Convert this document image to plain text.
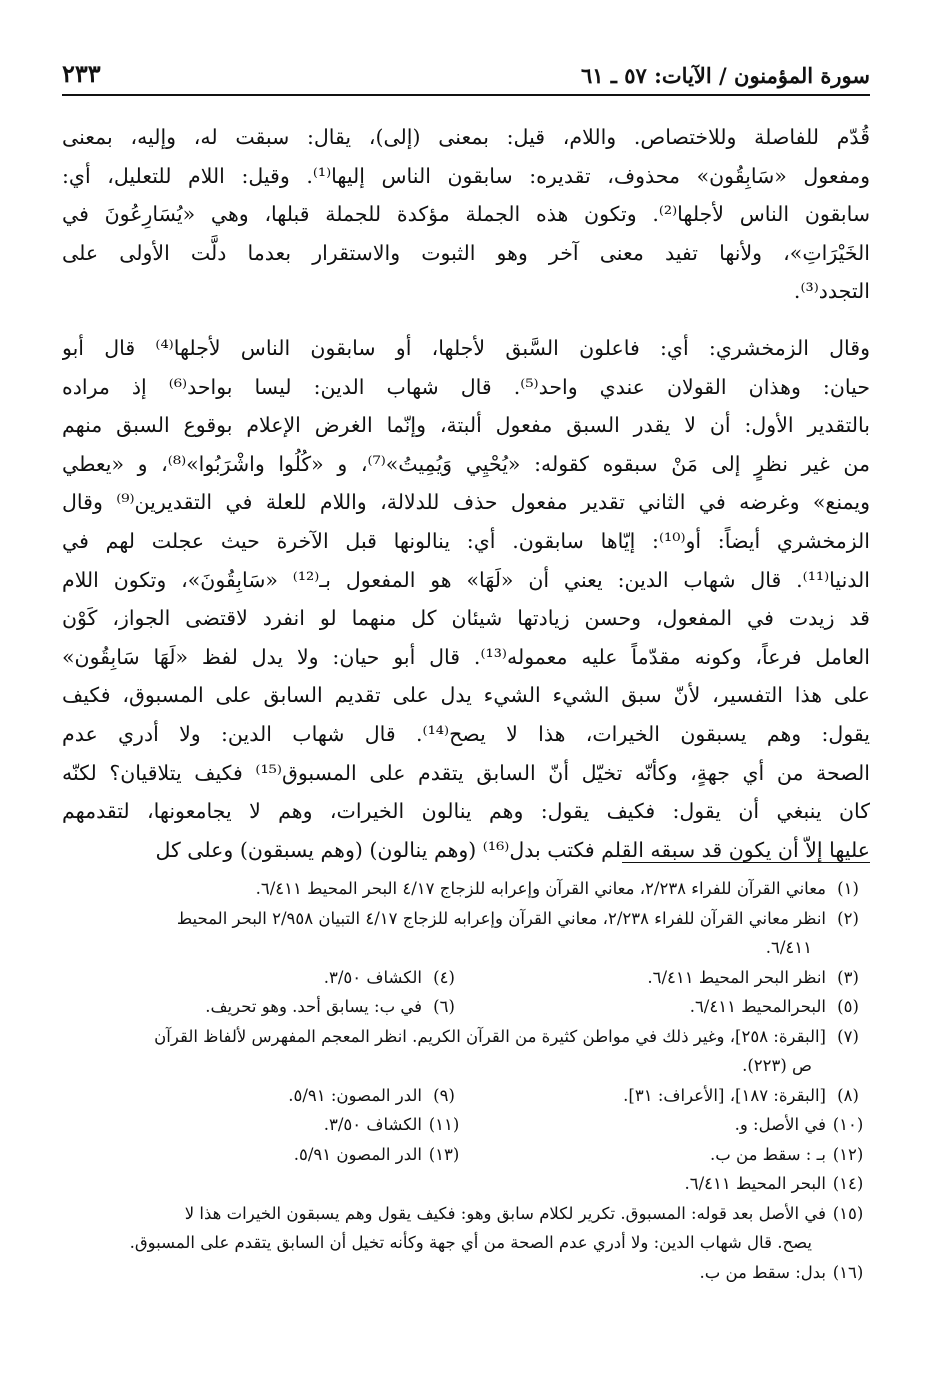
سورة المؤمنون / الآيات: ٥٧ ـ ٦١
٢٣٣
قُدّم للفاصلة وللاختصاص. واللام، قيل: بمعنى (إلى)، يقال: سبقت له، وإليه، بمعنى
ومفعول «سَابِقُون» محذوف، تقديره: سابقون الناس إليها⁽¹⁾. وقيل: اللام للتعليل، أي:
سابقون الناس لأجلها⁽²⁾. وتكون هذه الجملة مؤكدة للجملة قبلها، وهي «يُسَارِعُونَ في
الخَيْرَاتِ»، ولأنها تفيد معنى آخر وهو الثبوت والاستقرار بعدما دلَّت الأولى على
التجدد⁽³⁾.
وقال الزمخشري: أي: فاعلون السَّبق لأجلها، أو سابقون الناس لأجلها⁽⁴⁾ قال أبو
حيان: وهذان القولان عندي واحد⁽⁵⁾. قال شهاب الدين: ليسا بواحد⁽⁶⁾ إذ مراده
بالتقدير الأول: أن لا يقدر السبق مفعول ألبتة، وإنّما الغرض الإعلام بوقوع السبق منهم
من غير نظرٍ إلى مَنْ سبقوه كقوله: «يُحْيِي وَيُمِيتُ»⁽⁷⁾، و «كُلُوا واشْرَبُوا»⁽⁸⁾، و «يعطي
ويمنع» وغرضه في الثاني تقدير مفعول حذف للدلالة، واللام للعلة في التقديرين⁽⁹⁾ وقال
الزمخشري أيضاً: أو⁽¹⁰⁾: إيّاها سابقون. أي: ينالونها قبل الآخرة حيث عجلت لهم في
الدنيا⁽¹¹⁾. قال شهاب الدين: يعني أن «لَهَا» هو المفعول بـ⁽¹²⁾ «سَابِقُونَ»، وتكون اللام
قد زيدت في المفعول، وحسن زيادتها شيئان كل منهما لو انفرد لاقتضى الجواز، كَوْن
العامل فرعاً، وكونه مقدّماً عليه معموله⁽¹³⁾. قال أبو حيان: ولا يدل لفظ «لَهَا سَابِقُون»
على هذا التفسير، لأنّ سبق الشيء الشيء يدل على تقديم السابق على المسبوق، فكيف
يقول: وهم يسبقون الخيرات، هذا لا يصح⁽¹⁴⁾. قال شهاب الدين: ولا أدري عدم
الصحة من أي جهةٍ، وكأنّه تخيّل أنّ السابق يتقدم على المسبوق⁽¹⁵⁾ فكيف يتلاقيان؟ لكنّه
كان ينبغي أن يقول: فكيف يقول: وهم ينالون الخيرات، وهم لا يجامعونها، لتقدمهم
عليها إلاّ أن يكون قد سبقه القلم فكتب بدل⁽¹⁶⁾ (وهم ينالون) (وهم يسبقون) وعلى كل
(١)
معاني القرآن للفراء ٢/٢٣٨، معاني القرآن وإعرابه للزجاج ٤/١٧ البحر المحيط ٦/٤١١.
(٢)
انظر معاني القرآن للفراء ٢/٢٣٨، معاني القرآن وإعرابه للزجاج ٤/١٧ التبيان ٢/٩٥٨ البحر المحيط
٦/٤١١.
(٣)
انظر البحر المحيط ٦/٤١١.
(٤)
الكشاف ٣/٥٠.
(٥)
البحرالمحيط ٦/٤١١.
(٦)
في ب: يسابق أحد. وهو تحريف.
(٧)
[البقرة: ٢٥٨]، وغير ذلك في مواطن كثيرة من القرآن الكريم. انظر المعجم المفهرس لألفاظ القرآن
ص (٢٢٣).
(٨)
[البقرة: ١٨٧]، [الأعراف: ٣١].
(٩)
الدر المصون: ٥/٩١.
(١٠)
في الأصل: و.
(١١)
الكشاف ٣/٥٠.
(١٢)
بـ : سقط من ب.
(١٣)
الدر المصون ٥/٩١.
(١٤)
البحر المحيط ٦/٤١١.
(١٥)
في الأصل بعد قوله: المسبوق. تكرير لكلام سابق وهو: فكيف يقول وهم يسبقون الخيرات هذا لا
يصح. قال شهاب الدين: ولا أدري عدم الصحة من أي جهة وكأنه تخيل أن السابق يتقدم على المسبوق.
(١٦)
بدل: سقط من ب.
